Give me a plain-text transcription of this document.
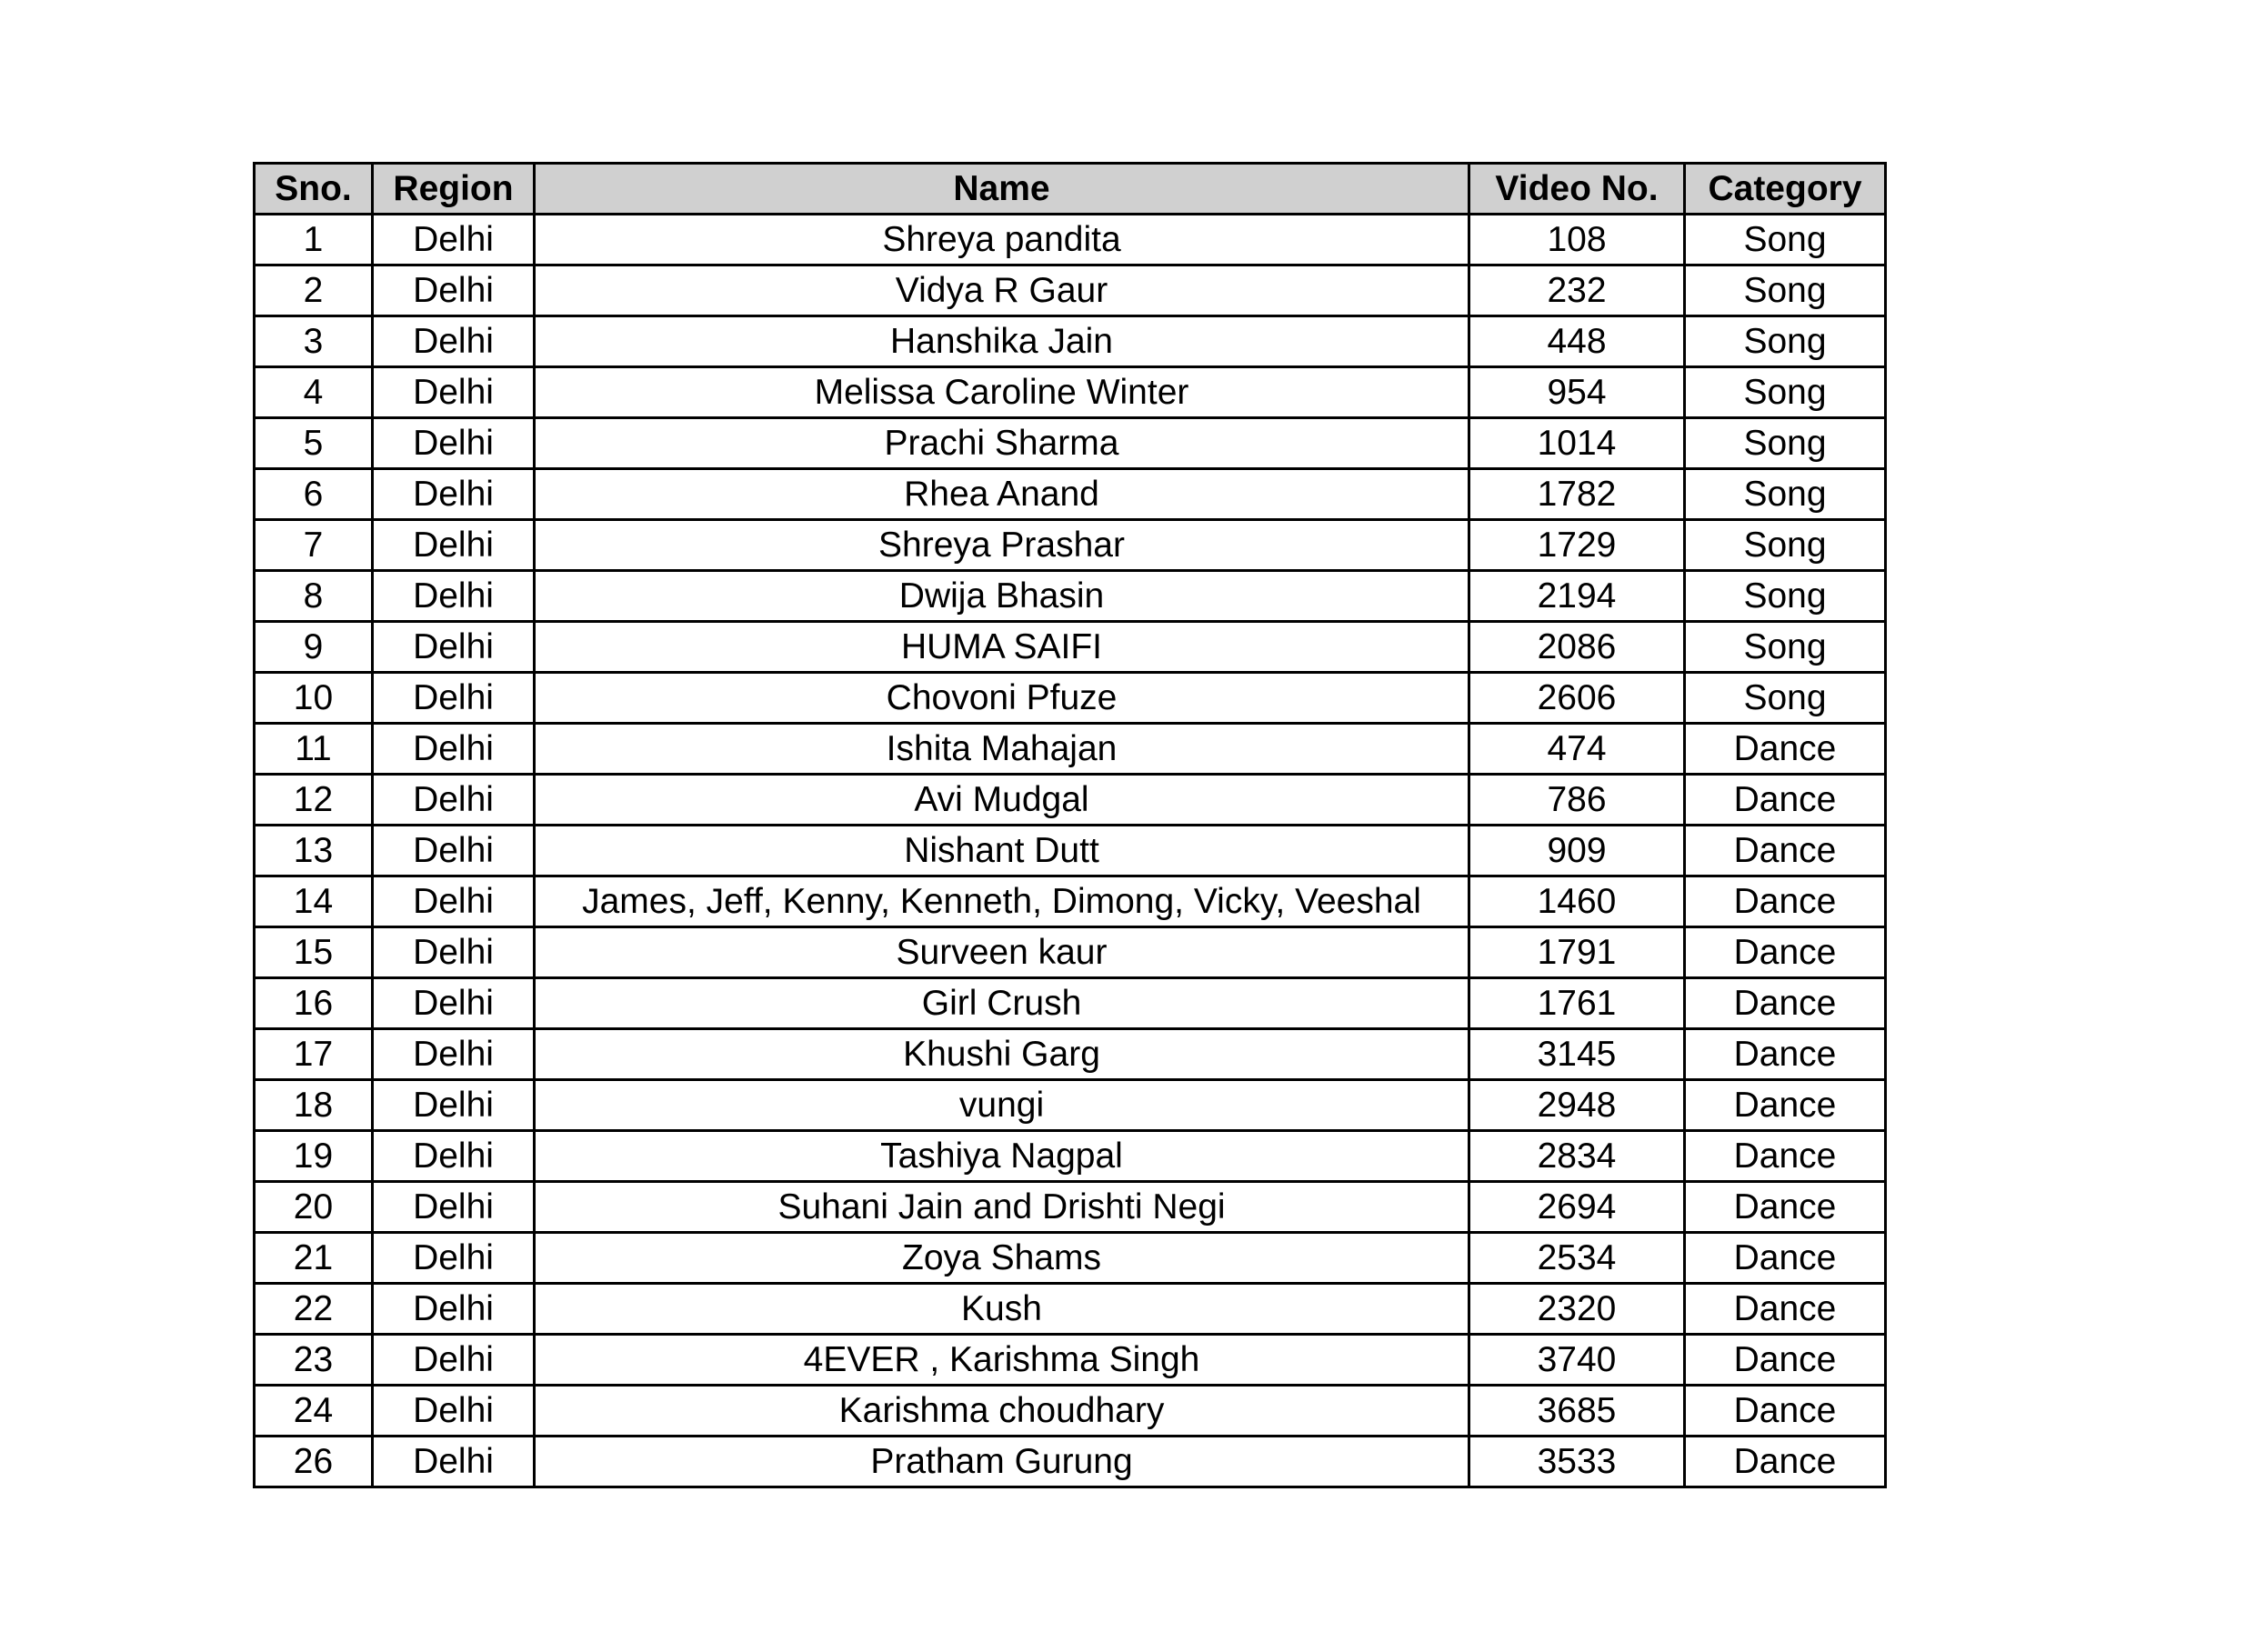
Sno.	Region	Name	Video No.	Category
1	Delhi	Shreya pandita	108	Song
2	Delhi	Vidya R Gaur	232	Song
3	Delhi	Hanshika Jain	448	Song
4	Delhi	Melissa Caroline Winter	954	Song
5	Delhi	Prachi Sharma	1014	Song
6	Delhi	Rhea Anand	1782	Song
7	Delhi	Shreya Prashar	1729	Song
8	Delhi	Dwija Bhasin	2194	Song
9	Delhi	HUMA SAIFI	2086	Song
10	Delhi	Chovoni Pfuze	2606	Song
11	Delhi	Ishita Mahajan	474	Dance
12	Delhi	Avi Mudgal	786	Dance
13	Delhi	Nishant Dutt	909	Dance
14	Delhi	James, Jeff, Kenny, Kenneth, Dimong, Vicky, Veeshal	1460	Dance
15	Delhi	Surveen kaur	1791	Dance
16	Delhi	Girl Crush	1761	Dance
17	Delhi	Khushi Garg	3145	Dance
18	Delhi	vungi	2948	Dance
19	Delhi	Tashiya Nagpal	2834	Dance
20	Delhi	Suhani Jain and Drishti Negi	2694	Dance
21	Delhi	Zoya Shams	2534	Dance
22	Delhi	Kush	2320	Dance
23	Delhi	4EVER , Karishma Singh	3740	Dance
24	Delhi	Karishma choudhary	3685	Dance
26	Delhi	Pratham Gurung	3533	Dance
